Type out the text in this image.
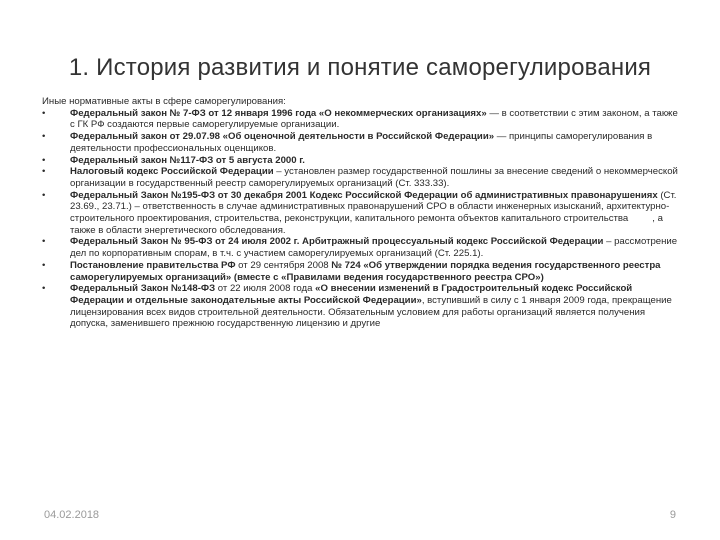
1. История развития и понятие саморегулирования
Иные нормативные акты в сфере саморегулирования:
•	Федеральный закон № 7-ФЗ от 12 января 1996 года «О некоммерческих организациях» — в соответствии с этим законом, а также с ГК РФ создаются первые саморегулируемые организации.
•	Федеральный закон от 29.07.98 «Об оценочной деятельности в Российской Федерации» — принципы саморегулирования в деятельности профессиональных оценщиков.
•	Федеральный закон №117-ФЗ от 5 августа 2000 г.
•	Налоговый кодекс Российской Федерации – установлен размер государственной пошлины за внесение сведений о некоммерческой организации в государственный реестр саморегулируемых организаций (Ст. 333.33).
•	Федеральный Закон №195-ФЗ от 30 декабря 2001 Кодекс Российской Федерации об административных правонарушениях (Ст. 23.69., 23.71.) – ответственность в случае административных правонарушений СРО в области инженерных изысканий, архитектурно-строительного проектирования, строительства, реконструкции, капитального ремонта объектов капитального строительства         , а также в области энергетического обследования.
•	Федеральный Закон № 95-ФЗ от 24 июля 2002 г. Арбитражный процессуальный кодекс Российской Федерации – рассмотрение дел по корпоративным спорам, в т.ч. с участием саморегулируемых организаций (Ст. 225.1).
•	Постановление правительства РФ от 29 сентября 2008 № 724 «Об утверждении порядка ведения государственного реестра саморегулируемых организаций» (вместе с «Правилами ведения государственного реестра СРО»)
•	Федеральный Закон №148-ФЗ от 22 июля 2008 года «О внесении изменений в Градостроительный кодекс Российской Федерации и отдельные законодательные акты Российской Федерации», вступивший в силу с 1 января 2009 года, прекращение лицензирования всех видов строительной деятельности. Обязательным условием для работы организаций является получения допуска, заменившего прежнюю государственную лицензию и другие
04.02.2018	9
